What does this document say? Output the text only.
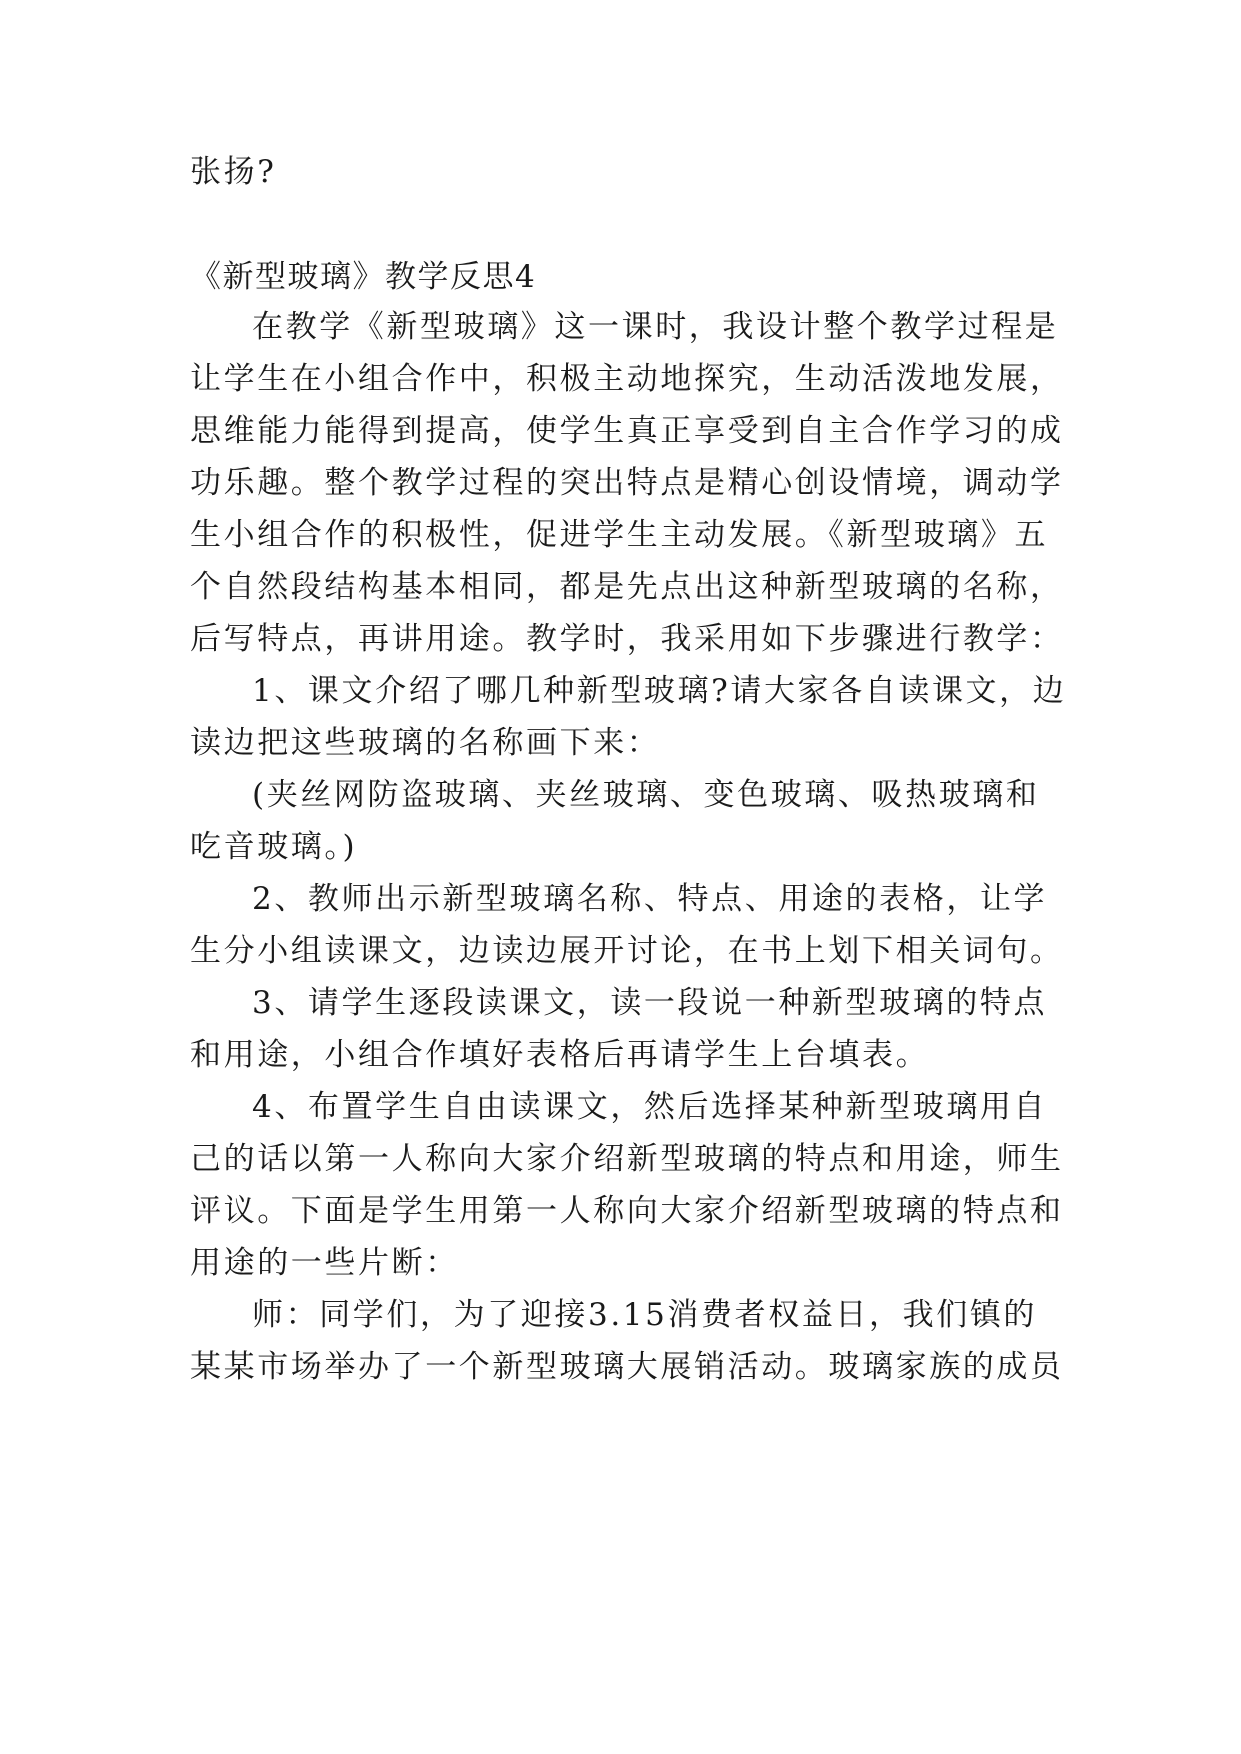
张扬?
《新型玻璃》教学反思4
在教学《新型玻璃》这一课时，我设计整个教学过程是
让学生在小组合作中，积极主动地探究，生动活泼地发展，
思维能力能得到提高，使学生真正享受到自主合作学习的成
功乐趣。整个教学过程的突出特点是精心创设情境，调动学
生小组合作的积极性，促进学生主动发展。《新型玻璃》五
个自然段结构基本相同，都是先点出这种新型玻璃的名称，
后写特点，再讲用途。教学时，我采用如下步骤进行教学：
1、课文介绍了哪几种新型玻璃?请大家各自读课文，边
读边把这些玻璃的名称画下来：
(夹丝网防盗玻璃、夹丝玻璃、变色玻璃、吸热玻璃和
吃音玻璃。)
2、教师出示新型玻璃名称、特点、用途的表格，让学
生分小组读课文，边读边展开讨论，在书上划下相关词句。
3、请学生逐段读课文，读一段说一种新型玻璃的特点
和用途，小组合作填好表格后再请学生上台填表。
4、布置学生自由读课文，然后选择某种新型玻璃用自
己的话以第一人称向大家介绍新型玻璃的特点和用途，师生
评议。下面是学生用第一人称向大家介绍新型玻璃的特点和
用途的一些片断：
师：同学们，为了迎接3.15消费者权益日，我们镇的
某某市场举办了一个新型玻璃大展销活动。玻璃家族的成员
